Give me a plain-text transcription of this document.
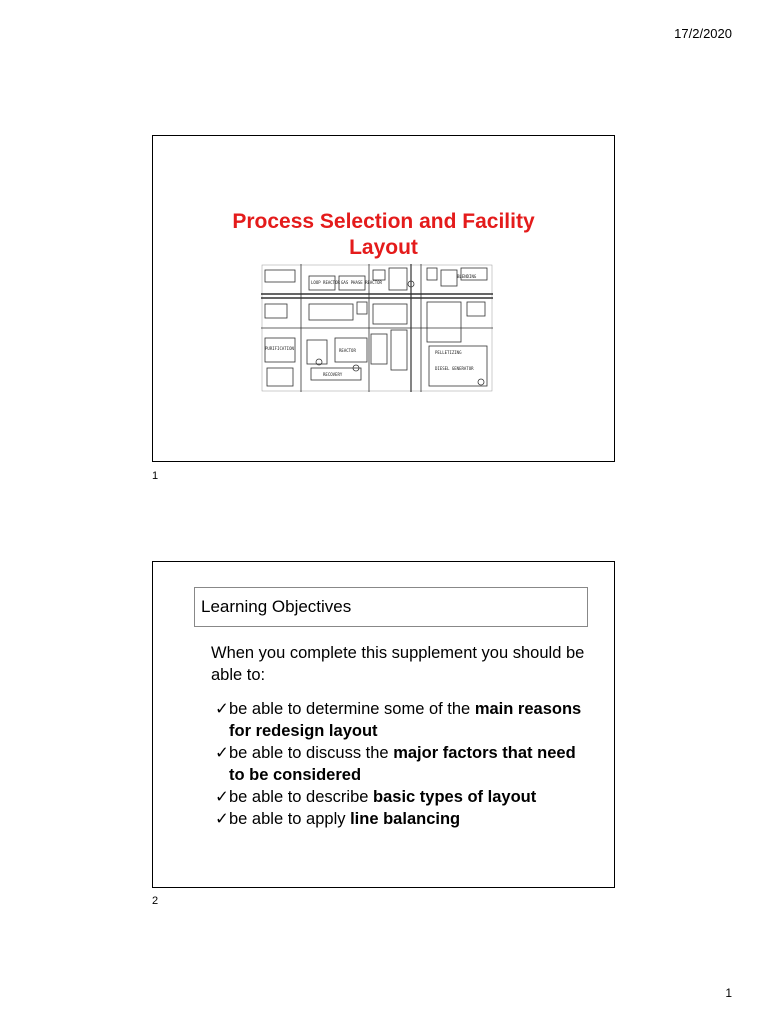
17/2/2020
Process Selection and Facility
Layout
LOOP REACTOR GAS PHASE REACTOR
REACTOR
RECOVERY
PURIFICATION
PELLETIZING
DIESEL GENERATOR
BLENDING
1
Learning Objectives

When you complete this supplement you should be able to:

✓be able to determine some of the main reasons for redesign layout
✓be able to discuss the major factors that need to be considered
✓be able to describe basic types of layout
✓be able to apply line balancing
2
1
